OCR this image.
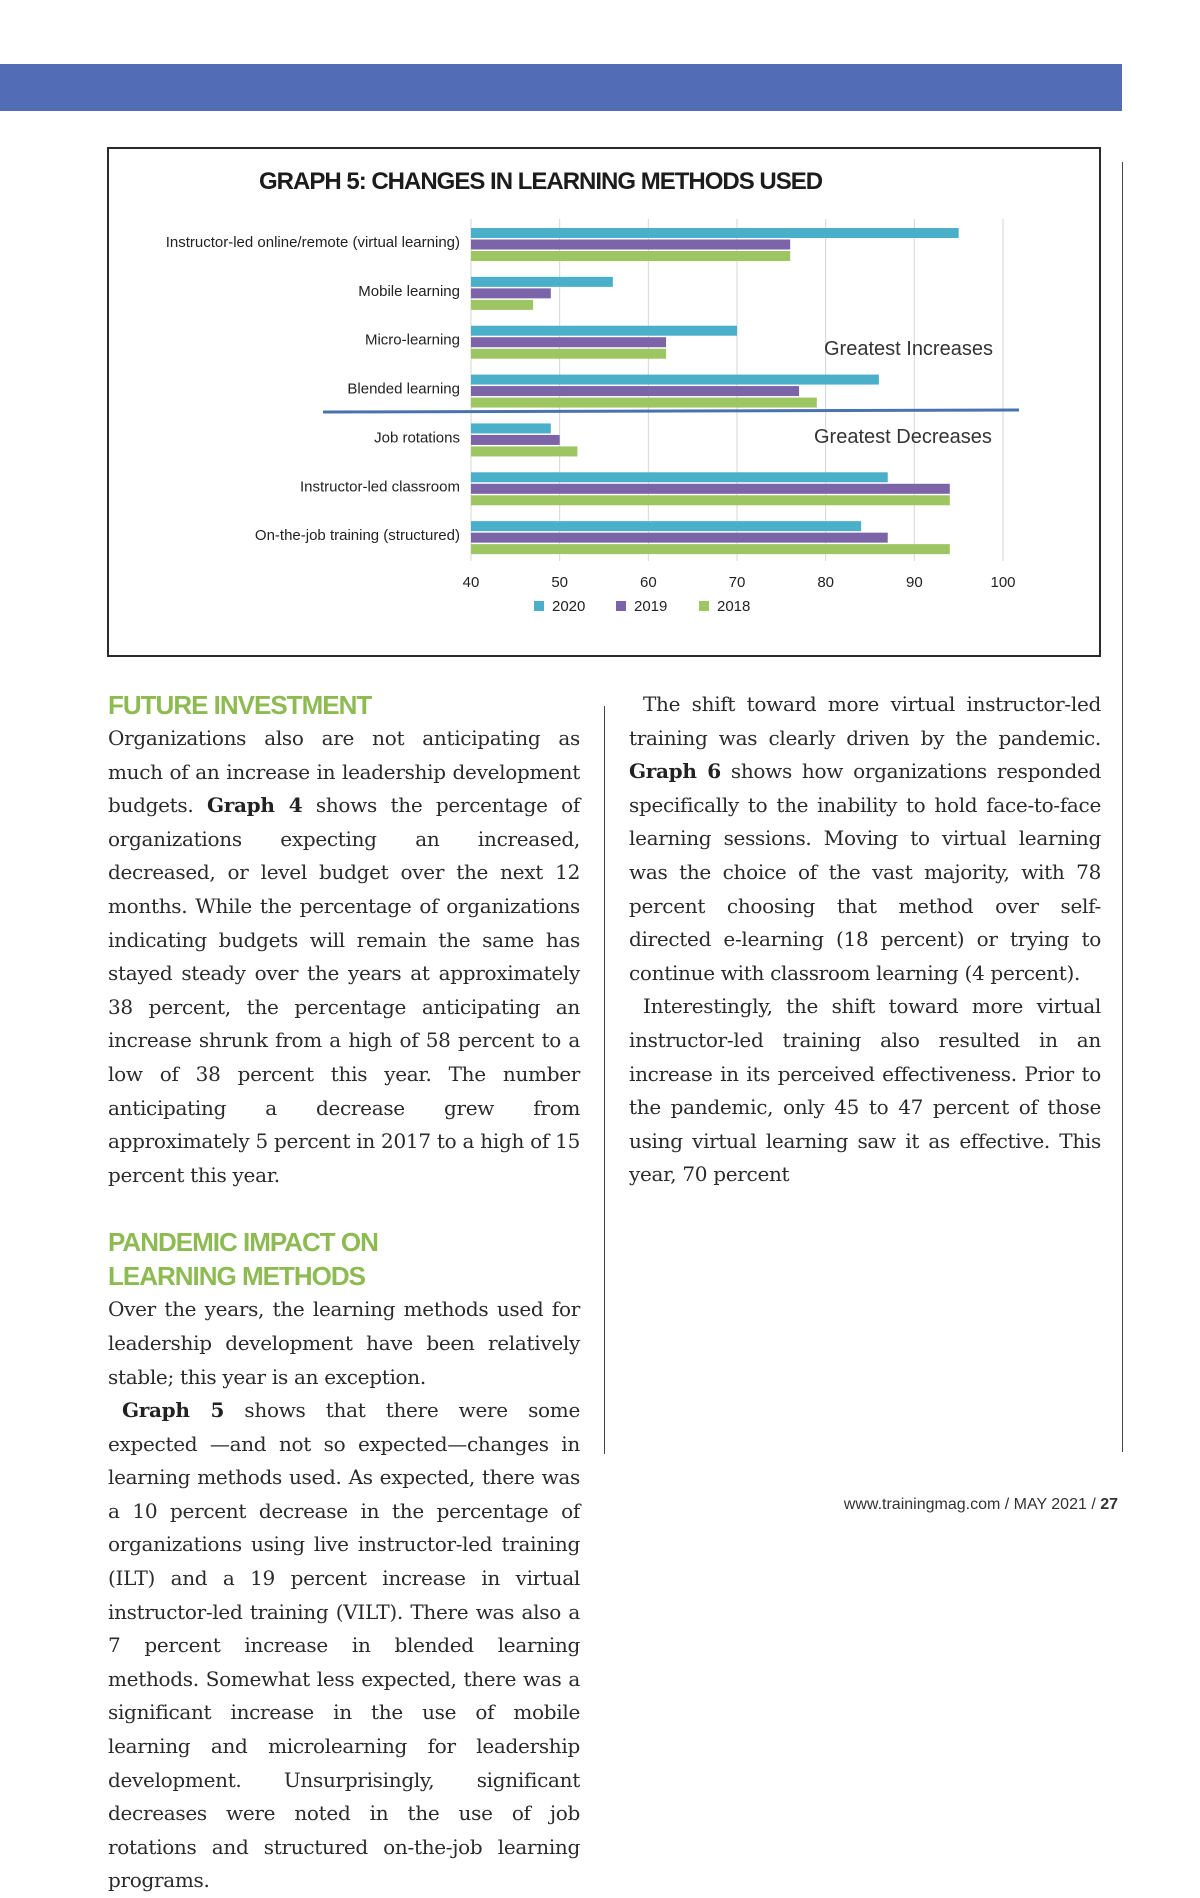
GRAPH 5: CHANGES IN LEARNING METHODS USED
Instructor-led online/remote (virtual learning)
Mobile learning
Micro-learning
Blended learning
Job rotations
Instructor-led classroom
On-the-job training (structured)
40	50	60	70	80	90	100
Greatest Increases
Greatest Decreases
2020	2019	2018
FUTURE INVESTMENT

Organizations also are not anticipating as much of an increase in leadership development budgets. Graph 4 shows the percentage of organizations expecting an increased, decreased, or level budget over the next 12 months. While the percentage of organizations indicating budgets will remain the same has stayed steady over the years at approximately 38 percent, the percentage anticipating an increase shrunk from a high of 58 percent to a low of 38 percent this year. The number anticipating a decrease grew from approximately 5 percent in 2017 to a high of 15 percent this year.

PANDEMIC IMPACT ON
LEARNING METHODS

Over the years, the learning methods used for leadership development have been relatively stable; this year is an exception.

Graph 5 shows that there were some expected —and not so expected—changes in learning methods used. As expected, there was a 10 percent decrease in the percentage of organizations using live instructor-led training (ILT) and a 19 percent increase in virtual instructor-led training (VILT). There was also a 7 percent increase in blended learning methods. Somewhat less expected, there was a significant increase in the use of mobile learning and microlearning for leadership development. Unsurprisingly, significant decreases were noted in the use of job rotations and structured on-the-job learning programs.

The shift toward more virtual instructor-led training was clearly driven by the pandemic. Graph 6 shows how organizations responded specifically to the inability to hold face-to-face learning sessions. Moving to virtual learning was the choice of the vast majority, with 78 percent choosing that method over self-directed e-learning (18 percent) or trying to continue with classroom learning (4 percent).

Interestingly, the shift toward more virtual instructor-led training also resulted in an increase in its perceived effectiveness. Prior to the pandemic, only 45 to 47 percent of those using virtual learning saw it as effective. This year, 70 percent

www.trainingmag.com / MAY 2021 / 27
